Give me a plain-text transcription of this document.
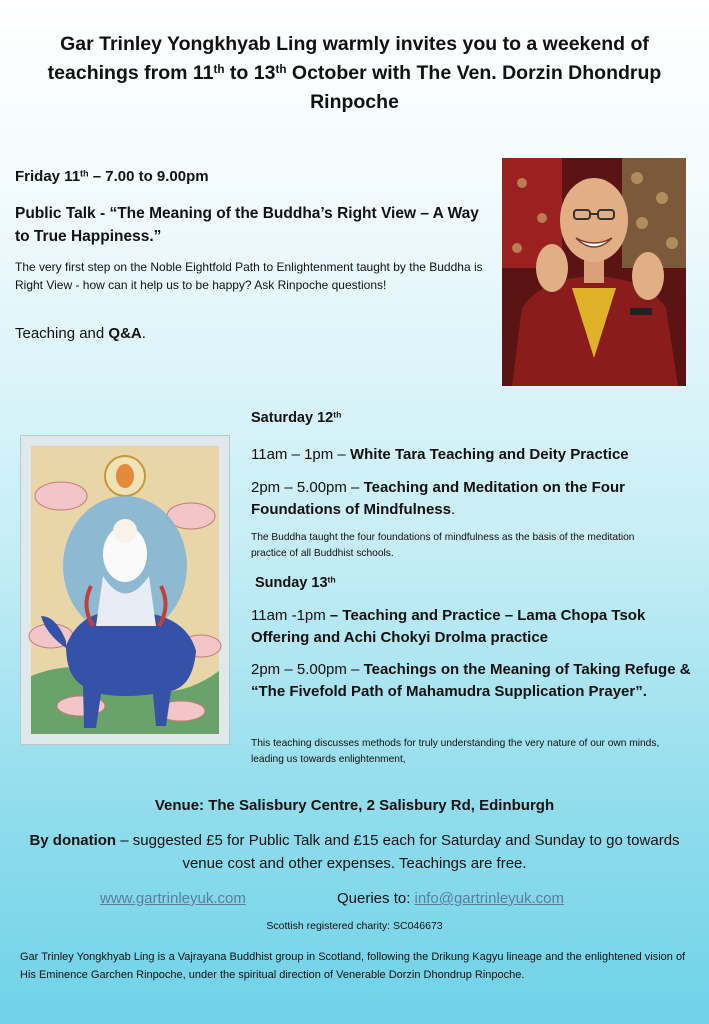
Gar Trinley Yongkhyab Ling warmly invites you to a weekend of teachings from 11th to 13th October with The Ven. Dorzin Dhondrup Rinpoche
Friday 11th – 7.00 to 9.00pm
Public Talk - “The Meaning of the Buddha’s Right View – A Way to True Happiness.”
The very first step on the Noble Eightfold Path to Enlightenment taught by the Buddha is Right View - how can it help us to be happy? Ask Rinpoche questions!
Teaching and Q&A.
Saturday 12th
11am – 1pm – White Tara Teaching and Deity Practice
2pm – 5.00pm – Teaching and Meditation on the Four Foundations of Mindfulness.
The Buddha taught the four foundations of mindfulness as the basis of the meditation practice of all Buddhist schools.
Sunday 13th
11am -1pm – Teaching and Practice – Lama Chopa Tsok Offering and Achi Chokyi Drolma practice
2pm – 5.00pm – Teachings on the Meaning of Taking Refuge & “The Fivefold Path of Mahamudra Supplication Prayer”.
This teaching discusses methods for truly understanding the very nature of our own minds, leading us towards enlightenment,
Venue: The Salisbury Centre, 2 Salisbury Rd, Edinburgh
By donation – suggested £5 for Public Talk and £15 each for Saturday and Sunday to go towards venue cost and other expenses. Teachings are free.
www.gartrinleyuk.com	Queries to: info@gartrinleyuk.com
Scottish registered charity: SC046673
Gar Trinley Yongkhyab Ling is a Vajrayana Buddhist group in Scotland, following the Drikung Kagyu lineage and the enlightened vision of His Eminence Garchen Rinpoche, under the spiritual direction of Venerable Dorzin Dhondrup Rinpoche.
